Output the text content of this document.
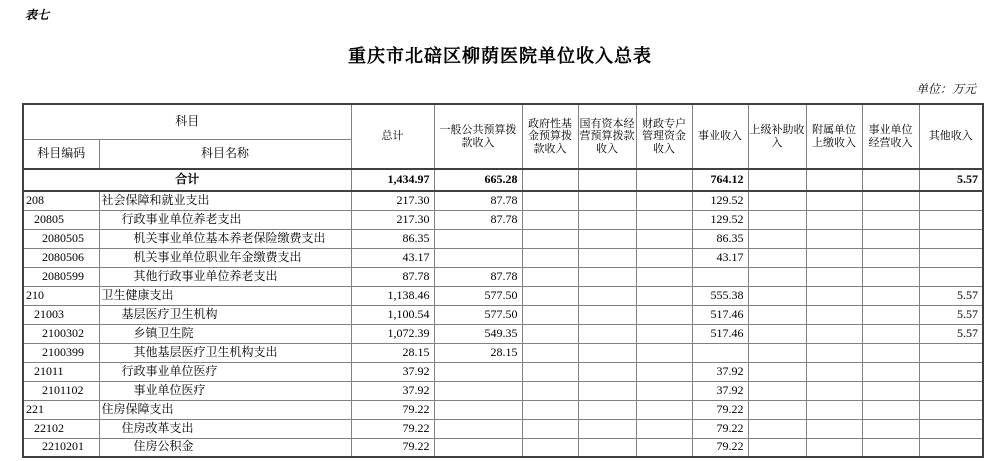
表七
重庆市北碚区柳荫医院单位收入总表
单位：万元
科目		总计	一般公共预算拨款收入	政府性基金预算拨款收入	国有资本经营预算拨款收入	财政专户管理资金收入	事业收入	上级补助收入	附属单位上缴收入	事业单位经营收入	其他收入
科目编码	科目名称										
合计		1,434.97	665.28				764.12				5.57
208	社会保障和就业支出	217.30	87.78				129.52				
20805	行政事业单位养老支出	217.30	87.78				129.52				
2080505	机关事业单位基本养老保险缴费支出	86.35					86.35				
2080506	机关事业单位职业年金缴费支出	43.17					43.17				
2080599	其他行政事业单位养老支出	87.78	87.78								
210	卫生健康支出	1,138.46	577.50				555.38				5.57
21003	基层医疗卫生机构	1,100.54	577.50				517.46				5.57
2100302	乡镇卫生院	1,072.39	549.35				517.46				5.57
2100399	其他基层医疗卫生机构支出	28.15	28.15								
21011	行政事业单位医疗	37.92					37.92				
2101102	事业单位医疗	37.92					37.92				
221	住房保障支出	79.22					79.22				
22102	住房改革支出	79.22					79.22				
2210201	住房公积金	79.22					79.22				
